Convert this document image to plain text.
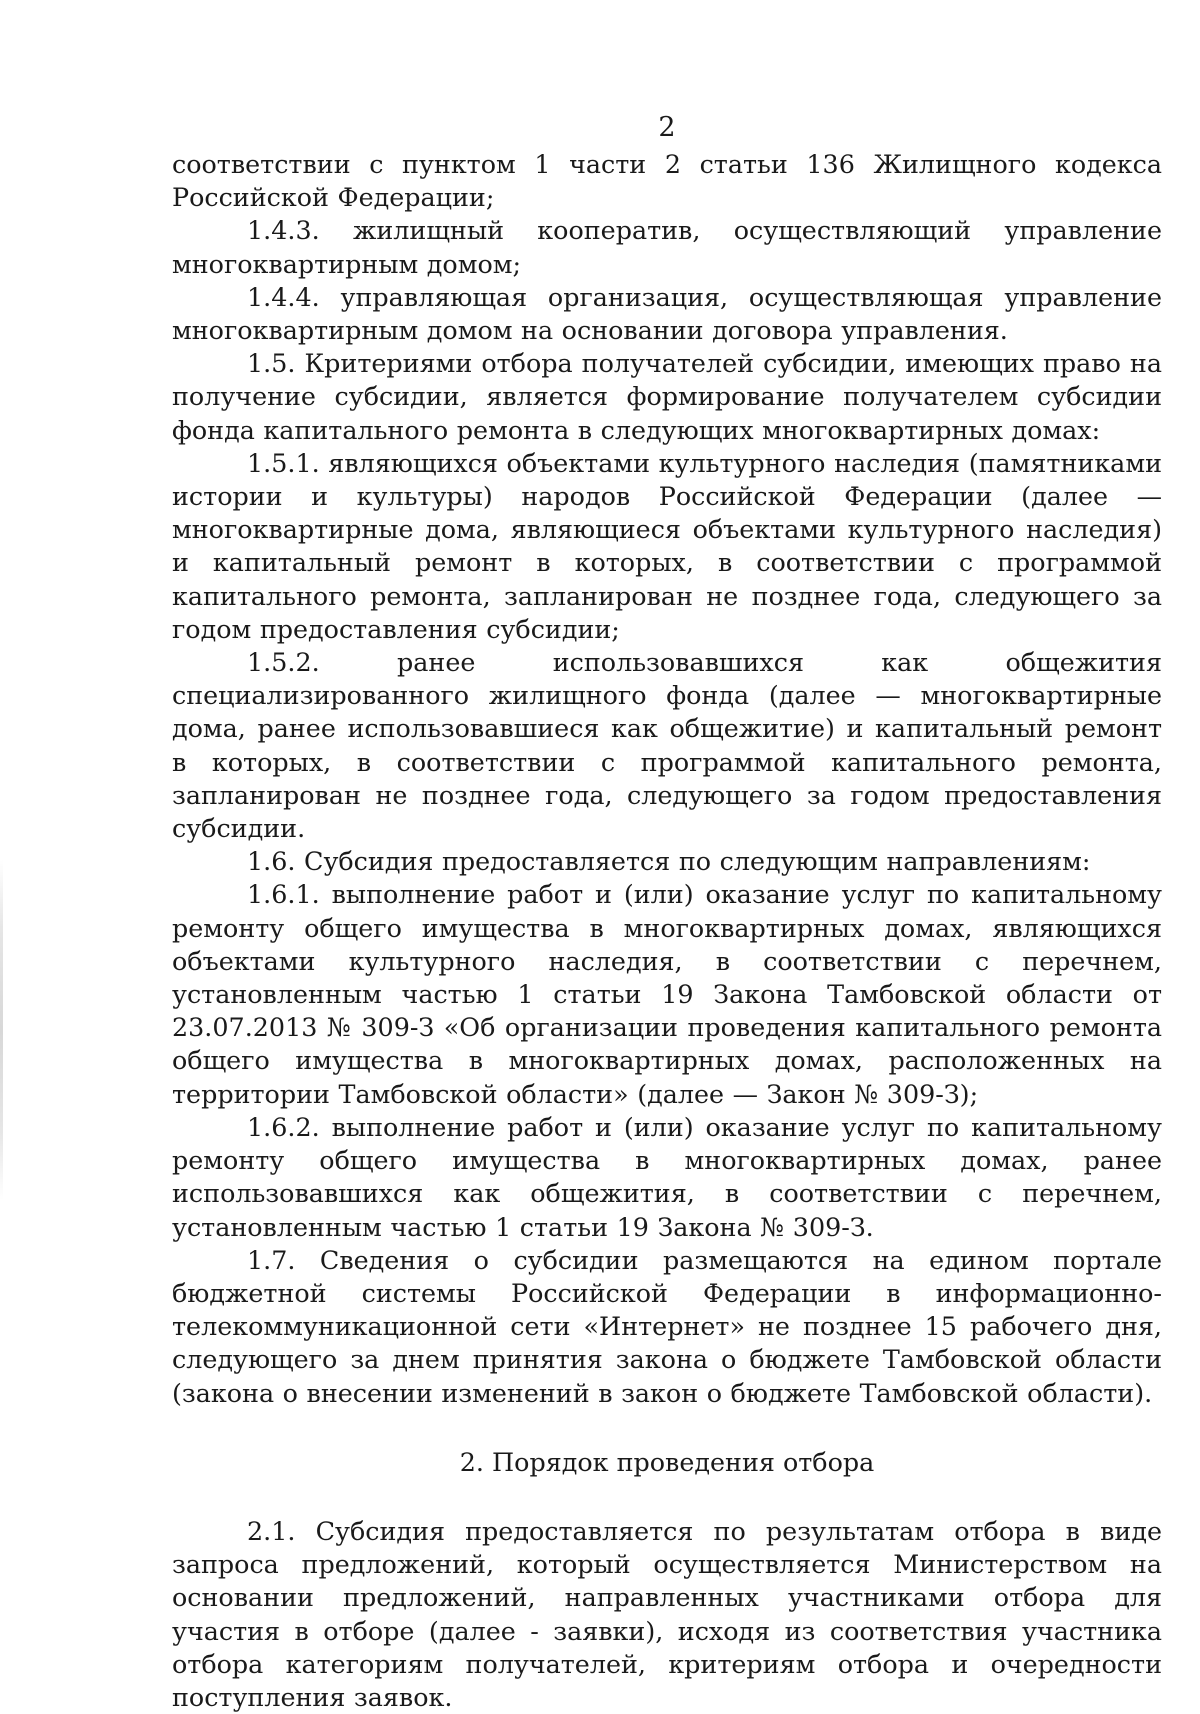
2

соответствии с пунктом 1 части 2 статьи 136 Жилищного кодекса Российской Федерации;

1.4.3. жилищный кооператив, осуществляющий управление многоквартирным домом;

1.4.4. управляющая организация, осуществляющая управление многоквартирным домом на основании договора управления.

1.5. Критериями отбора получателей субсидии, имеющих право на получение субсидии, является формирование получателем субсидии фонда капитального ремонта в следующих многоквартирных домах:

1.5.1. являющихся объектами культурного наследия (памятниками истории и культуры) народов Российской Федерации (далее — многоквартирные дома, являющиеся объектами культурного наследия) и капитальный ремонт в которых, в соответствии с программой капитального ремонта, запланирован не позднее года, следующего за годом предоставления субсидии;

1.5.2. ранее использовавшихся как общежития специализированного жилищного фонда (далее — многоквартирные дома, ранее использовавшиеся как общежитие) и капитальный ремонт в которых, в соответствии с программой капитального ремонта, запланирован не позднее года, следующего за годом предоставления субсидии.

1.6. Субсидия предоставляется по следующим направлениям:

1.6.1. выполнение работ и (или) оказание услуг по капитальному ремонту общего имущества в многоквартирных домах, являющихся объектами культурного наследия, в соответствии с перечнем, установленным частью 1 статьи 19 Закона Тамбовской области от 23.07.2013 № 309-З «Об организации проведения капитального ремонта общего имущества в многоквартирных домах, расположенных на территории Тамбовской области» (далее — Закон № 309-З);

1.6.2. выполнение работ и (или) оказание услуг по капитальному ремонту общего имущества в многоквартирных домах, ранее использовавшихся как общежития, в соответствии с перечнем, установленным частью 1 статьи 19 Закона № 309-З.

1.7. Сведения о субсидии размещаются на едином портале бюджетной системы Российской Федерации в информационно-телекоммуникационной сети «Интернет» не позднее 15 рабочего дня, следующего за днем принятия закона о бюджете Тамбовской области (закона о внесении изменений в закон о бюджете Тамбовской области).

2. Порядок проведения отбора

2.1. Субсидия предоставляется по результатам отбора в виде запроса предложений, который осуществляется Министерством на основании предложений, направленных участниками отбора для участия в отборе (далее - заявки), исходя из соответствия участника отбора категориям получателей, критериям отбора и очередности поступления заявок.
